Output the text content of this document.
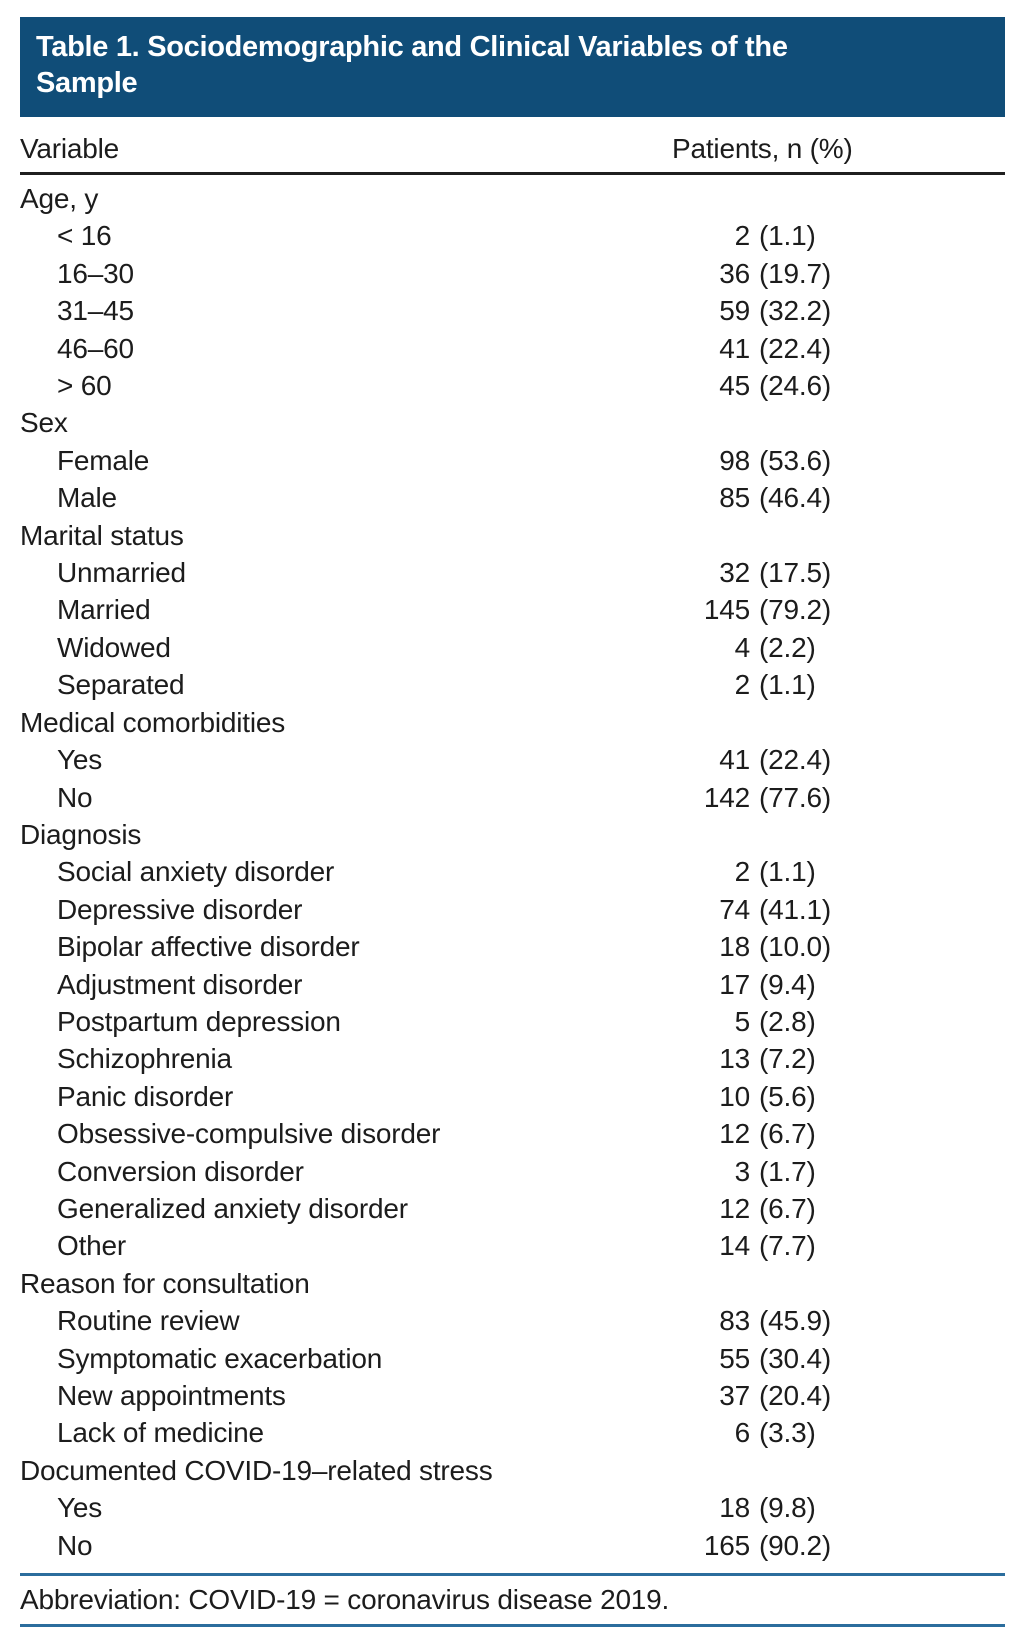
Table 1. Sociodemographic and Clinical Variables of the
Sample
Variable	Patients, n (%)
Age, y
< 16	2 (1.1)
16–30	36 (19.7)
31–45	59 (32.2)
46–60	41 (22.4)
> 60	45 (24.6)
Sex
Female	98 (53.6)
Male	85 (46.4)
Marital status
Unmarried	32 (17.5)
Married	145 (79.2)
Widowed	4 (2.2)
Separated	2 (1.1)
Medical comorbidities
Yes	41 (22.4)
No	142 (77.6)
Diagnosis
Social anxiety disorder	2 (1.1)
Depressive disorder	74 (41.1)
Bipolar affective disorder	18 (10.0)
Adjustment disorder	17 (9.4)
Postpartum depression	5 (2.8)
Schizophrenia	13 (7.2)
Panic disorder	10 (5.6)
Obsessive-compulsive disorder	12 (6.7)
Conversion disorder	3 (1.7)
Generalized anxiety disorder	12 (6.7)
Other	14 (7.7)
Reason for consultation
Routine review	83 (45.9)
Symptomatic exacerbation	55 (30.4)
New appointments	37 (20.4)
Lack of medicine	6 (3.3)
Documented COVID-19–related stress
Yes	18 (9.8)
No	165 (90.2)
Abbreviation: COVID-19 = coronavirus disease 2019.
